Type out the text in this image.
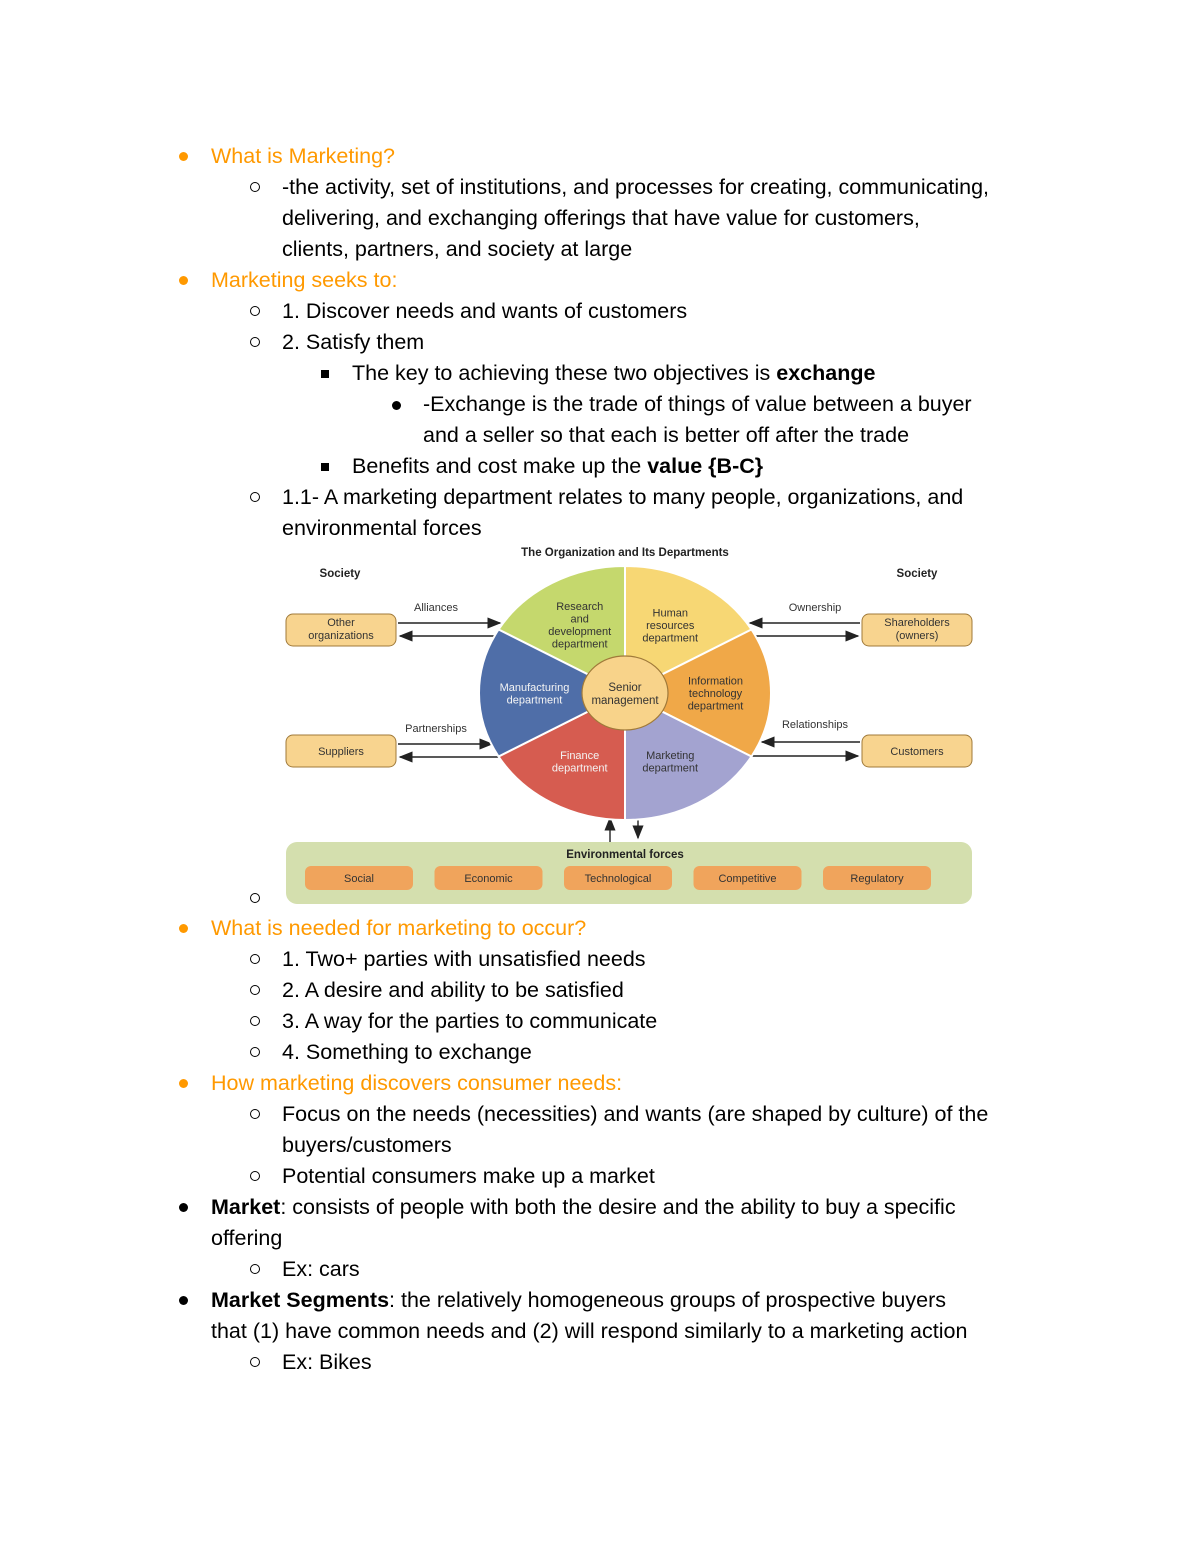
What is Marketing?
-the activity, set of institutions, and processes for creating, communicating,
delivering, and exchanging offerings that have value for customers,
clients, partners, and society at large
Marketing seeks to:
1. Discover needs and wants of customers
2. Satisfy them
The key to achieving these two objectives is exchange
-Exchange is the trade of things of value between a buyer
and a seller so that each is better off after the trade
Benefits and cost make up the value {B-C}
1.1- A marketing department relates to many people, organizations, and
environmental forces
The Organization and Its Departments
Society	Society
Other
organizations
Shareholders
(owners)
Suppliers	Customers
Alliances	Ownership
Partnerships	Relationships
Research
and
development
department
Human
resources
department
Information
technology
department
Marketing
department
Finance
department
Manufacturing
department
Senior
management
Environmental forces
Social	Economic	Technological	Competitive	Regulatory
What is needed for marketing to occur?
1. Two+ parties with unsatisfied needs
2. A desire and ability to be satisfied
3. A way for the parties to communicate
4. Something to exchange
How marketing discovers consumer needs:
Focus on the needs (necessities) and wants (are shaped by culture) of the
buyers/customers
Potential consumers make up a market
Market: consists of people with both the desire and the ability to buy a specific
offering
Ex: cars
Market Segments: the relatively homogeneous groups of prospective buyers
that (1) have common needs and (2) will respond similarly to a marketing action
Ex: Bikes
